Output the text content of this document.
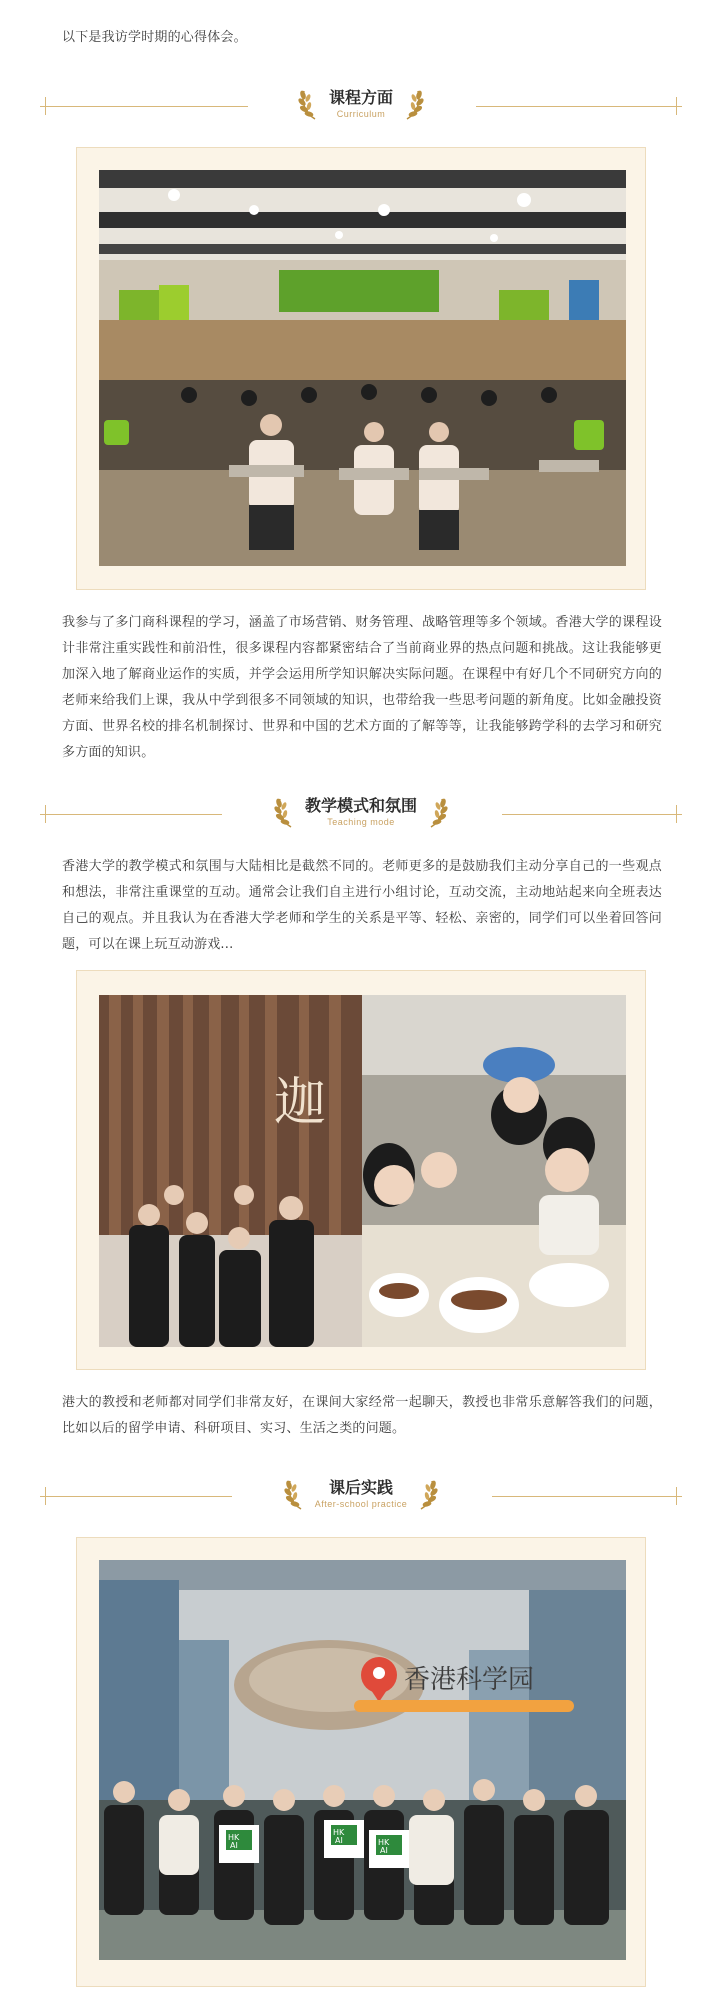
以下是我访学时期的心得体会。

课程方面
Curriculum

我参与了多门商科课程的学习，涵盖了市场营销、财务管理、战略管理等多个领域。香港大学的课程设计非常注重实践性和前沿性，很多课程内容都紧密结合了当前商业界的热点问题和挑战。这让我能够更加深入地了解商业运作的实质，并学会运用所学知识解决实际问题。在课程中有好几个不同研究方向的老师来给我们上课，我从中学到很多不同领域的知识，也带给我一些思考问题的新角度。比如金融投资方面、世界名校的排名机制探讨、世界和中国的艺术方面的了解等等，让我能够跨学科的去学习和研究多方面的知识。

教学模式和氛围
Teaching mode

香港大学的教学模式和氛围与大陆相比是截然不同的。老师更多的是鼓励我们主动分享自己的一些观点和想法，非常注重课堂的互动。通常会让我们自主进行小组讨论，互动交流，主动地站起来向全班表达自己的观点。并且我认为在香港大学老师和学生的关系是平等、轻松、亲密的，同学们可以坐着回答问题，可以在课上玩互动游戏...

迦

港大的教授和老师都对同学们非常友好，在课间大家经常一起聊天，教授也非常乐意解答我们的问题，比如以后的留学申请、科研项目、实习、生活之类的问题。

课后实践
After-school practice
香港科学园
HK
AI
HK
AI	HK
AI
